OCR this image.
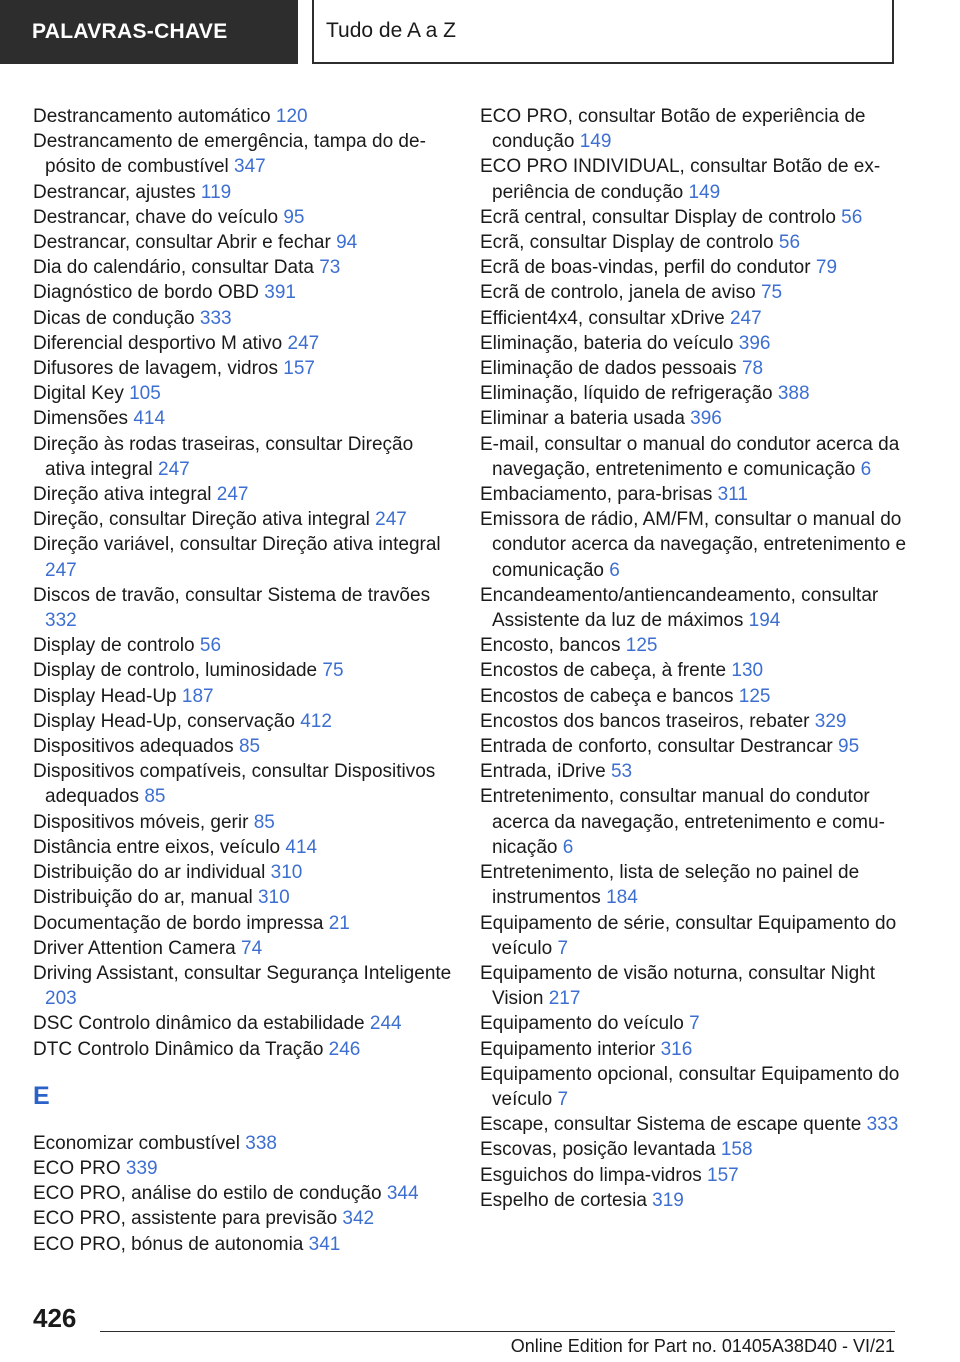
PALAVRAS-CHAVE	Tudo de A a Z

Destrancamento automático 120

Destrancamento de emergência, tampa do depósito de combustível 347

Destrancar, ajustes 119

Destrancar, chave do veículo 95

Destrancar, consultar Abrir e fechar 94

Dia do calendário, consultar Data 73

Diagnóstico de bordo OBD 391

Dicas de condução 333

Diferencial desportivo M ativo 247

Difusores de lavagem, vidros 157

Digital Key 105

Dimensões 414

Direção às rodas traseiras, consultar Direção ativa integral 247

Direção ativa integral 247

Direção, consultar Direção ativa integral 247

Direção variável, consultar Direção ativa integral 247

Discos de travão, consultar Sistema de travões 332

Display de controlo 56

Display de controlo, luminosidade 75

Display Head-Up 187

Display Head-Up, conservação 412

Dispositivos adequados 85

Dispositivos compatíveis, consultar Dispositivos adequados 85

Dispositivos móveis, gerir 85

Distância entre eixos, veículo 414

Distribuição do ar individual 310

Distribuição do ar, manual 310

Documentação de bordo impressa 21

Driver Attention Camera 74

Driving Assistant, consultar Segurança Inteligente 203

DSC Controlo dinâmico da estabilidade 244

DTC Controlo Dinâmico da Tração 246

E

Economizar combustível 338

ECO PRO 339

ECO PRO, análise do estilo de condução 344

ECO PRO, assistente para previsão 342

ECO PRO, bónus de autonomia 341

ECO PRO, consultar Botão de experiência de condução 149

ECO PRO INDIVIDUAL, consultar Botão de experiência de condução 149

Ecrã central, consultar Display de controlo 56

Ecrã, consultar Display de controlo 56

Ecrã de boas-vindas, perfil do condutor 79

Ecrã de controlo, janela de aviso 75

Efficient4x4, consultar xDrive 247

Eliminação, bateria do veículo 396

Eliminação de dados pessoais 78

Eliminação, líquido de refrigeração 388

Eliminar a bateria usada 396

E-mail, consultar o manual do condutor acerca da navegação, entretenimento e comunicação 6

Embaciamento, para-brisas 311

Emissora de rádio, AM/FM, consultar o manual do condutor acerca da navegação, entretenimento e comunicação 6

Encandeamento/antiencandeamento, consultar Assistente da luz de máximos 194

Encosto, bancos 125

Encostos de cabeça, à frente 130

Encostos de cabeça e bancos 125

Encostos dos bancos traseiros, rebater 329

Entrada de conforto, consultar Destrancar 95

Entrada, iDrive 53

Entretenimento, consultar manual do condutor acerca da navegação, entretenimento e comunicação 6

Entretenimento, lista de seleção no painel de instrumentos 184

Equipamento de série, consultar Equipamento do veículo 7

Equipamento de visão noturna, consultar Night Vision 217

Equipamento do veículo 7

Equipamento interior 316

Equipamento opcional, consultar Equipamento do veículo 7

Escape, consultar Sistema de escape quente 333

Escovas, posição levantada 158

Esguichos do limpa-vidros 157

Espelho de cortesia 319

426
Online Edition for Part no. 01405A38D40 - VI/21
